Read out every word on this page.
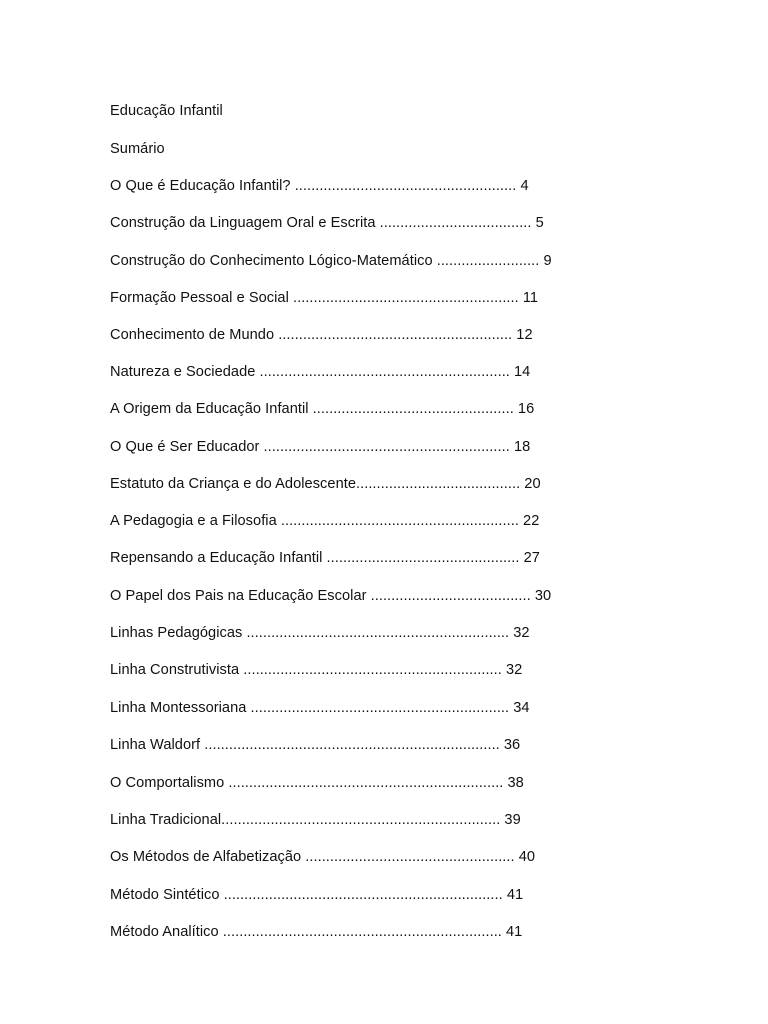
Educação Infantil
Sumário
O Que é Educação Infantil? ...................................................... 4
Construção da Linguagem Oral e Escrita ..................................... 5
Construção do Conhecimento Lógico-Matemático ......................... 9
Formação Pessoal e Social ....................................................... 11
Conhecimento de Mundo ......................................................... 12
Natureza e Sociedade ............................................................. 14
A Origem da Educação Infantil ................................................. 16
O Que é Ser Educador ............................................................ 18
Estatuto da Criança e do Adolescente........................................ 20
A Pedagogia e a Filosofia .......................................................... 22
Repensando a Educação Infantil ............................................... 27
O Papel dos Pais na Educação Escolar ....................................... 30
Linhas Pedagógicas ................................................................ 32
Linha Construtivista ............................................................... 32
Linha Montessoriana ............................................................... 34
Linha Waldorf ........................................................................ 36
O Comportalismo ................................................................... 38
Linha Tradicional.................................................................... 39
Os Métodos de Alfabetização ................................................... 40
Método Sintético .................................................................... 41
Método Analítico .................................................................... 41
